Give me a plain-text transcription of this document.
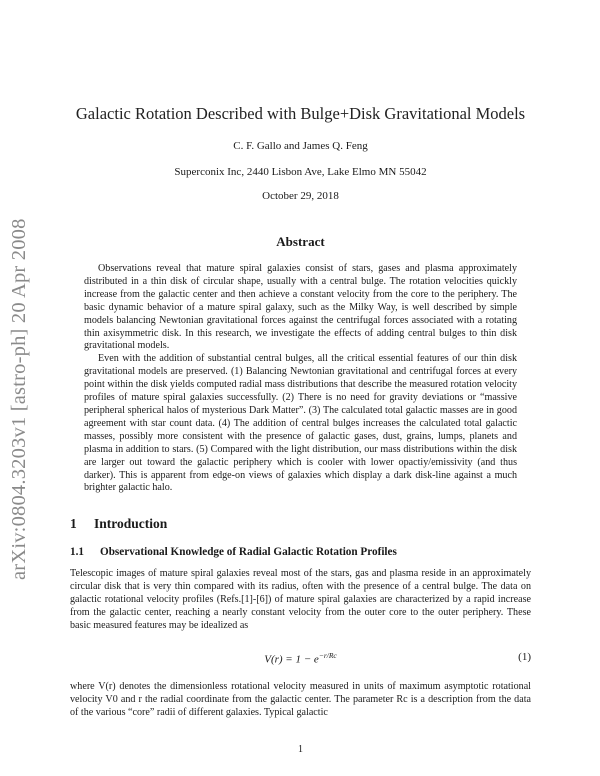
arXiv:0804.3203v1 [astro-ph] 20 Apr 2008
Galactic Rotation Described with Bulge+Disk Gravitational Models
C. F. Gallo and James Q. Feng
Superconix Inc, 2440 Lisbon Ave, Lake Elmo MN 55042
October 29, 2018
Abstract

Observations reveal that mature spiral galaxies consist of stars, gases and plasma approximately distributed in a thin disk of circular shape, usually with a central bulge. The rotation velocities quickly increase from the galactic center and then achieve a constant velocity from the core to the periphery. The basic dynamic behavior of a mature spiral galaxy, such as the Milky Way, is well described by simple models balancing Newtonian gravitational forces against the centrifugal forces associated with a rotating thin axisymmetric disk. In this research, we investigate the effects of adding central bulges to thin disk gravitational models.

Even with the addition of substantial central bulges, all the critical essential features of our thin disk gravitational models are preserved. (1) Balancing Newtonian gravitational and centrifugal forces at every point within the disk yields computed radial mass distributions that describe the measured rotation velocity profiles of mature spiral galaxies successfully. (2) There is no need for gravity deviations or “massive peripheral spherical halos of mysterious Dark Matter”. (3) The calculated total galactic masses are in good agreement with star count data. (4) The addition of central bulges increases the calculated total galactic masses, possibly more consistent with the presence of galactic gases, dust, grains, lumps, planets and plasma in addition to stars. (5) Compared with the light distribution, our mass distributions within the disk are larger out toward the galactic periphery which is cooler with lower opactiy/emissivity (and thus darker). This is apparent from edge-on views of galaxies which display a dark disk-line against a much brighter galactic halo.

1 Introduction
1.1 Observational Knowledge of Radial Galactic Rotation Profiles

Telescopic images of mature spiral galaxies reveal most of the stars, gas and plasma reside in an approximately circular disk that is very thin compared with its radius, often with the presence of a central bulge. The data on galactic rotational velocity profiles (Refs.[1]-[6]) of mature spiral galaxies are characterized by a rapid increase from the galactic center, reaching a nearly constant velocity from the outer core to the outer periphery. These basic measured features may be idealized as

$V(r) = 1 - e^{-r/Rc}$	(1)

where V(r) denotes the dimensionless rotational velocity measured in units of maximum asymptotic rotational velocity V0 and r the radial coordinate from the galactic center. The parameter Rc is a description from the data of the various “core” radii of different galaxies. Typical galactic

1
